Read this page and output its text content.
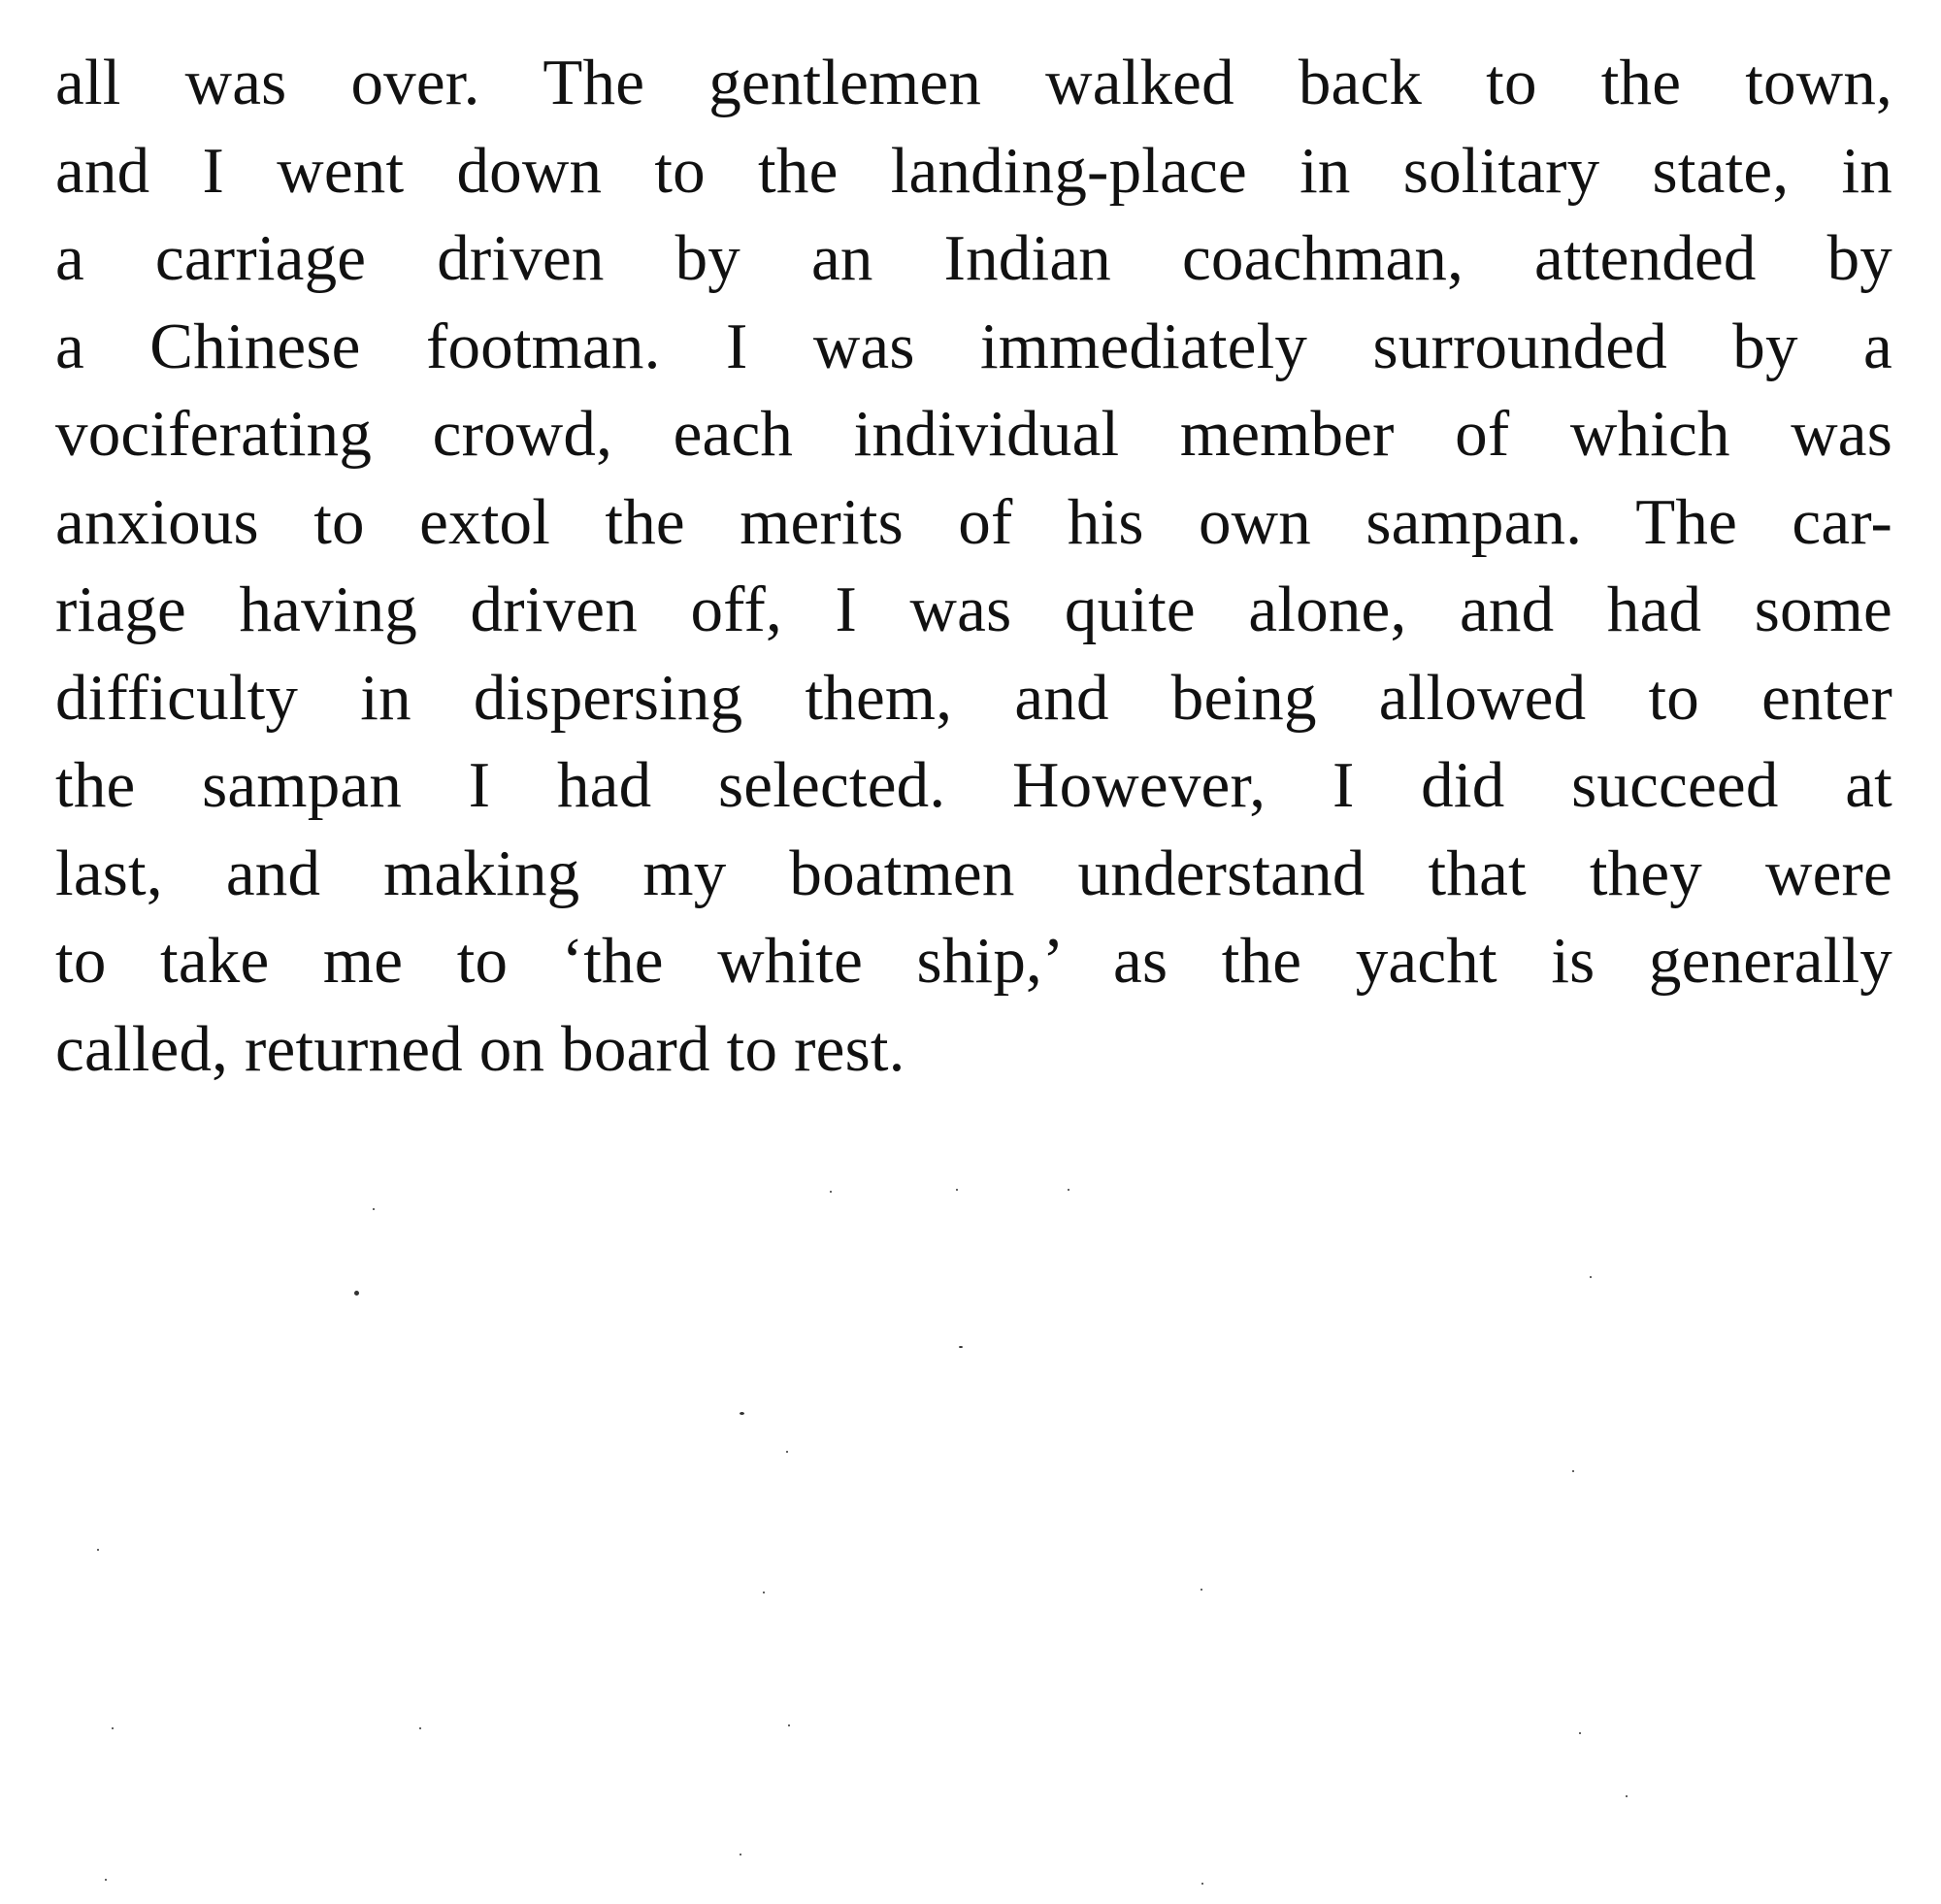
all was over. The gentlemen walked back to the town,
and I went down to the landing-place in solitary state, in
a carriage driven by an Indian coachman, attended by
a Chinese footman. I was immediately surrounded by a
vociferating crowd, each individual member of which was
anxious to extol the merits of his own sampan. The car-
riage having driven off, I was quite alone, and had some
difficulty in dispersing them, and being allowed to enter
the sampan I had selected. However, I did succeed at
last, and making my boatmen understand that they were
to take me to ‘the white ship,’ as the yacht is generally
called, returned on board to rest.
